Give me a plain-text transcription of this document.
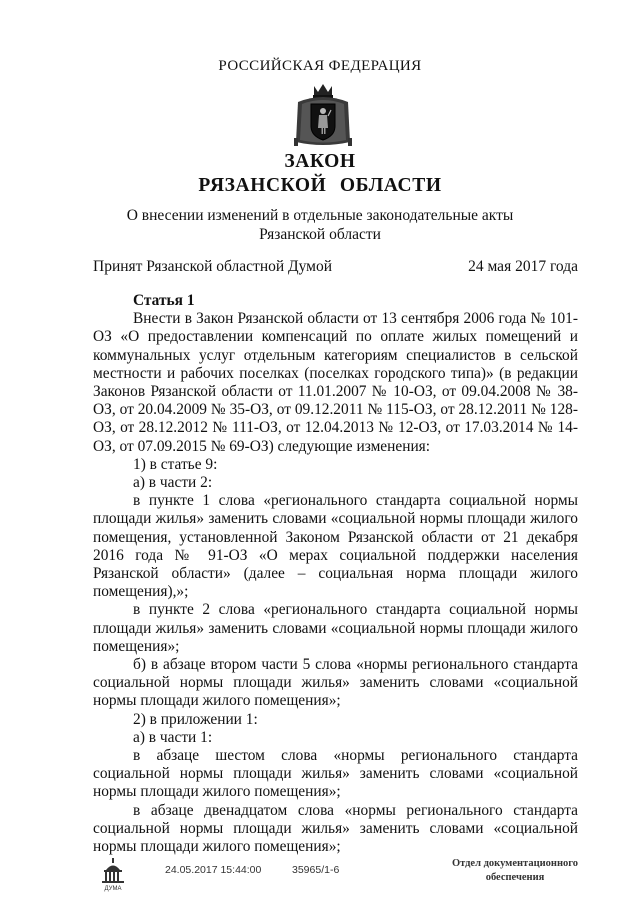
РОССИЙСКАЯ ФЕДЕРАЦИЯ
ЗАКОН
РЯЗАНСКОЙ ОБЛАСТИ
О внесении изменений в отдельные законодательные акты
Рязанской области
Принят Рязанской областной Думой	24 мая 2017 года

Статья 1

Внести в Закон Рязанской области от 13 сентября 2006 года № 101-ОЗ «О предоставлении компенсаций по оплате жилых помещений и коммунальных услуг отдельным категориям специалистов в сельской местности и рабочих поселках (поселках городского типа)» (в редакции Законов Рязанской области от 11.01.2007 № 10-ОЗ, от 09.04.2008 № 38-ОЗ, от 20.04.2009 № 35-ОЗ, от 09.12.2011 № 115-ОЗ, от 28.12.2011 № 128-ОЗ, от 28.12.2012 № 111-ОЗ, от 12.04.2013 № 12-ОЗ, от 17.03.2014 № 14-ОЗ, от 07.09.2015 № 69-ОЗ) следующие изменения:

1) в статье 9:

а) в части 2:

в пункте 1 слова «регионального стандарта социальной нормы площади жилья» заменить словами «социальной нормы площади жилого помещения, установленной Законом Рязанской области от 21 декабря 2016 года № 91-ОЗ «О мерах социальной поддержки населения Рязанской области» (далее – социальная норма площади жилого помещения),»;

в пункте 2 слова «регионального стандарта социальной нормы площади жилья» заменить словами «социальной нормы площади жилого помещения»;

б) в абзаце втором части 5 слова «нормы регионального стандарта социальной нормы площади жилья» заменить словами «социальной нормы площади жилого помещения»;

2) в приложении 1:

а) в части 1:

в абзаце шестом слова «нормы регионального стандарта социальной нормы площади жилья» заменить словами «социальной нормы площади жилого помещения»;

в абзаце двенадцатом слова «нормы регионального стандарта социальной нормы площади жилья» заменить словами «социальной нормы площади жилого помещения»;

ДУМА
24.05.2017 15:44:00	35965/1-6
Отдел документационного
обеспечения
